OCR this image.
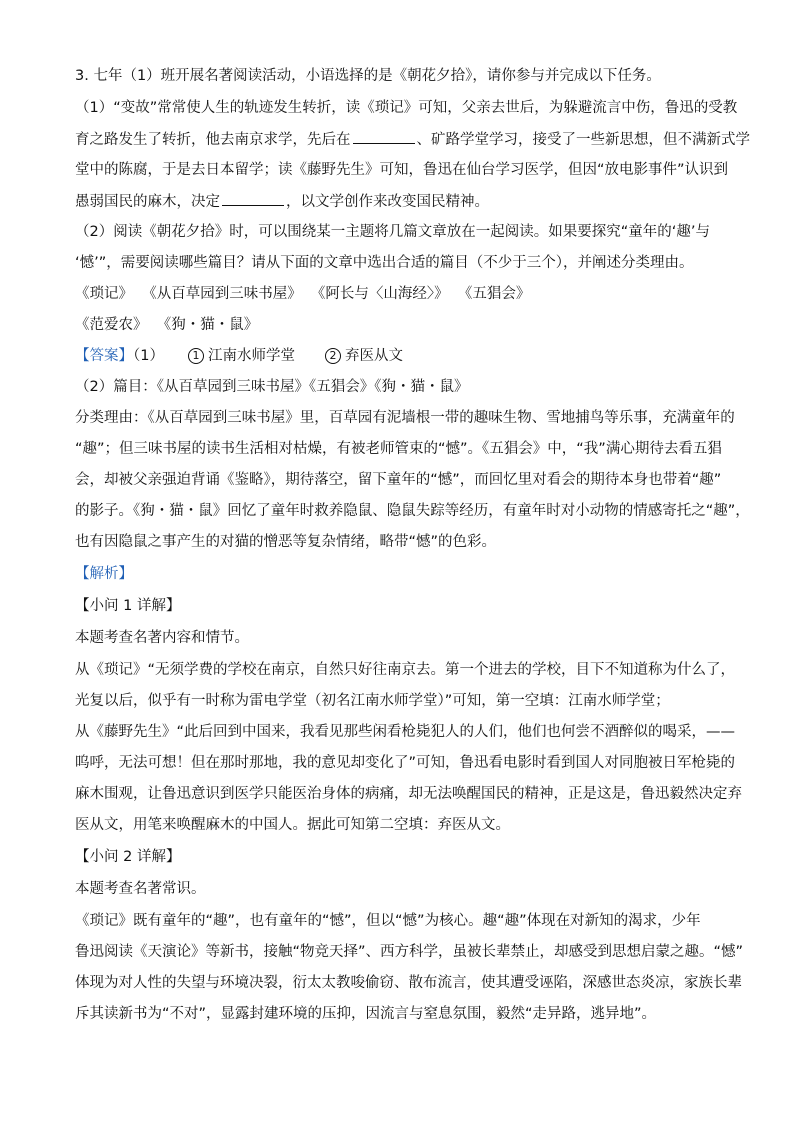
3. 七年（1）班开展名著阅读活动，小语选择的是《朝花夕拾》，请你参与并完成以下任务。
（1）“变故”常常使人生的轨迹发生转折，读《琐记》可知，父亲去世后，为躲避流言中伤，鲁迅的受教
育之路发生了转折，他去南京求学，先后在	、矿路学堂学习，接受了一些新思想，但不满新式学
堂中的陈腐，于是去日本留学；读《藤野先生》可知，鲁迅在仙台学习医学，但因“放电影事件”认识到
愚弱国民的麻木，决定	，以文学创作来改变国民精神。
（2）阅读《朝花夕拾》时，可以围绕某一主题将几篇文章放在一起阅读。如果要探究“童年的‘趣’与
‘憾’”，需要阅读哪些篇目？请从下面的文章中选出合适的篇目（不少于三个），并阐述分类理由。
《琐记》  《从百草园到三味书屋》  《阿长与〈山海经〉》  《五猖会》
《范爱农》  《狗・猫・鼠》
【答案】（1）	1 江南水师学堂	2 弃医从文
（2）篇目：《从百草园到三味书屋》《五猖会》《狗・猫・鼠》
分类理由：《从百草园到三味书屋》里，百草园有泥墙根一带的趣味生物、雪地捕鸟等乐事，充满童年的
“趣”；但三味书屋的读书生活相对枯燥，有被老师管束的“憾”。《五猖会》中，“我”满心期待去看五猖
会，却被父亲强迫背诵《鉴略》，期待落空，留下童年的“憾”，而回忆里对看会的期待本身也带着“趣”
的影子。《狗・猫・鼠》回忆了童年时救养隐鼠、隐鼠失踪等经历，有童年时对小动物的情感寄托之“趣”，
也有因隐鼠之事产生的对猫的憎恶等复杂情绪，略带“憾”的色彩。
【解析】
【小问 1 详解】
本题考查名著内容和情节。
从《琐记》“无须学费的学校在南京，自然只好往南京去。第一个进去的学校，目下不知道称为什么了，
光复以后，似乎有一时称为雷电学堂（初名江南水师学堂）”可知，第一空填：江南水师学堂；
从《藤野先生》“此后回到中国来，我看见那些闲看枪毙犯人的人们，他们也何尝不酒醉似的喝采，——
呜呼，无法可想！但在那时那地，我的意见却变化了”可知，鲁迅看电影时看到国人对同胞被日军枪毙的
麻木围观，让鲁迅意识到医学只能医治身体的病痛，却无法唤醒国民的精神，正是这是，鲁迅毅然决定弃
医从文，用笔来唤醒麻木的中国人。据此可知第二空填：弃医从文。
【小问 2 详解】
本题考查名著常识。
《琐记》既有童年的“趣”，也有童年的“憾”，但以“憾”为核心。趣“趣”体现在对新知的渴求，少年
鲁迅阅读《天演论》等新书，接触“物竞天择”、西方科学，虽被长辈禁止，却感受到思想启蒙之趣。“憾”
体现为对人性的失望与环境决裂，衍太太教唆偷窃、散布流言，使其遭受诬陷，深感世态炎凉，家族长辈
斥其读新书为“不对”，显露封建环境的压抑，因流言与窒息氛围，毅然“走异路，逃异地”。
